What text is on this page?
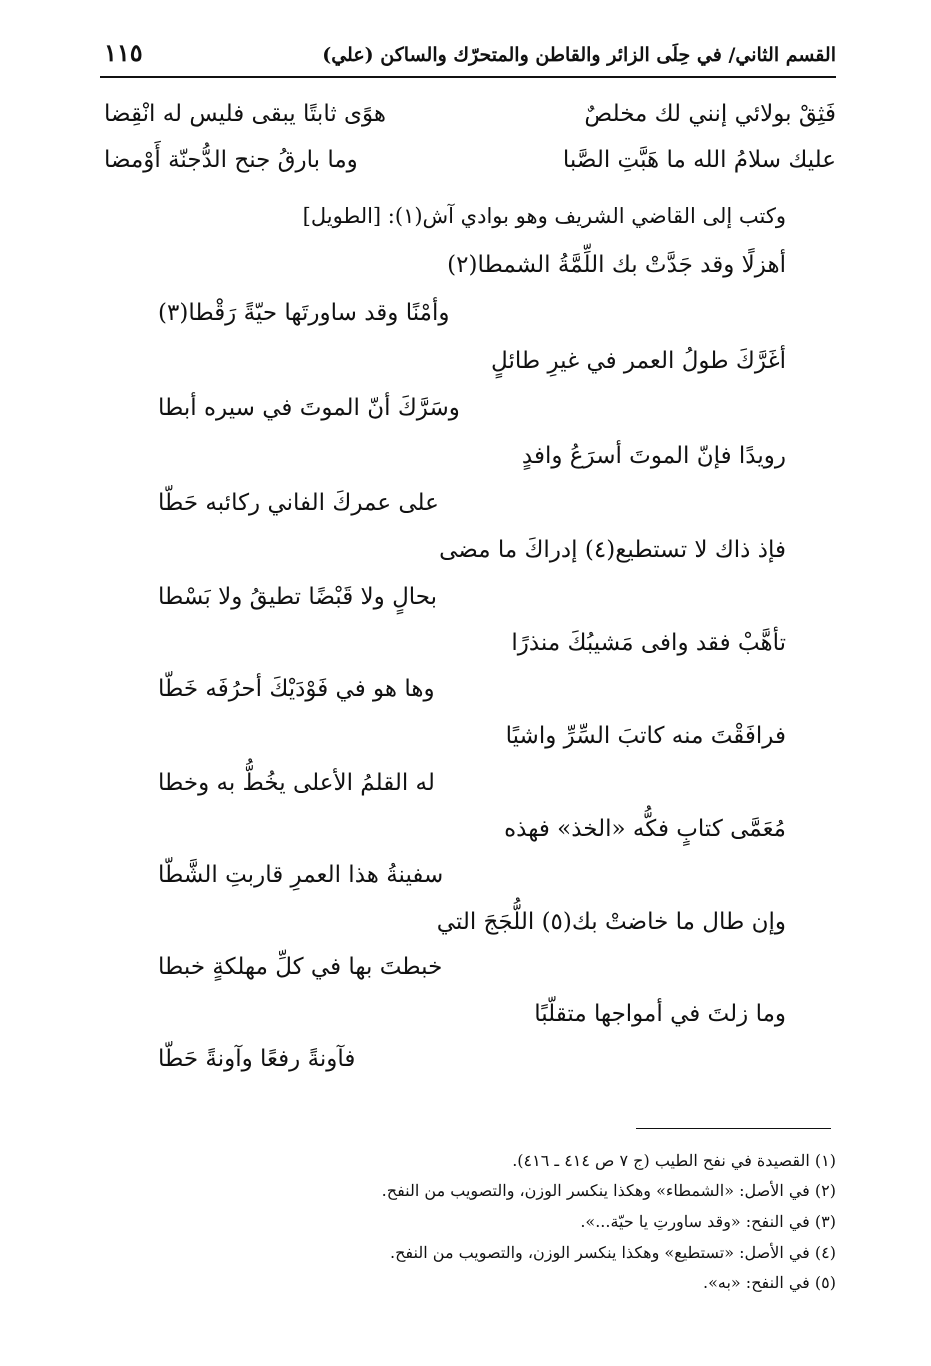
القسم الثاني/ في حِلَى الزائر والقاطن والمتحرّك والساكن (علي)
١١٥
فَثِقْ بولائي إنني لك مخلصٌ
هوًى ثابتًا يبقى فليس له انْقِضا
عليك سلامُ الله ما هَبَّتِ الصَّبا
وما بارقُ جنح الدُّجنّة أَوْمضا
وكتب إلى القاضي الشريف وهو بوادي آش(١): [الطويل]
أهزلًا وقد جَدَّتْ بك اللِّمَّةُ الشمطا(٢)
وأمْنًا وقد ساورتَها حيّةً رَقْطا(٣)
أغَرَّكَ طولُ العمر في غيرِ طائلٍ
وسَرَّكَ أنّ الموتَ في سيره أبطا
رويدًا فإنّ الموتَ أسرَعُ وافدٍ
على عمركَ الفاني ركائبه حَطّا
فإذ ذاك لا تستطيع(٤) إدراكَ ما مضى
بحالٍ ولا قَبْضًا تطيقُ ولا بَسْطا
تأهَّبْ فقد وافى مَشيبُكَ منذرًا
وها هو في فَوْدَيْكَ أحرُفَه خَطّا
فرافَقْتَ منه كاتبَ السِّرِّ واشيًا
له القلمُ الأعلى يخُطُّ به وخطا
مُعَمَّى كتابٍ فكُّه «الخذ» فهذه
سفينةُ هذا العمرِ قاربتِ الشَّطّا
وإن طال ما خاضتْ بك(٥) اللُّجَجَ التي
خبطتَ بها في كلِّ مهلكةٍ خبطا
وما زلتَ في أمواجها متقلّبًا
فآونةً رفعًا وآونةً حَطّا
(١) القصيدة في نفح الطيب (ج ٧ ص ٤١٤ ـ ٤١٦).
(٢) في الأصل: «الشمطاء» وهكذا ينكسر الوزن، والتصويب من النفح.
(٣) في النفح: «وقد ساورتِ يا حيّة...».
(٤) في الأصل: «تستطيع» وهكذا ينكسر الوزن، والتصويب من النفح.
(٥) في النفح: «به».
